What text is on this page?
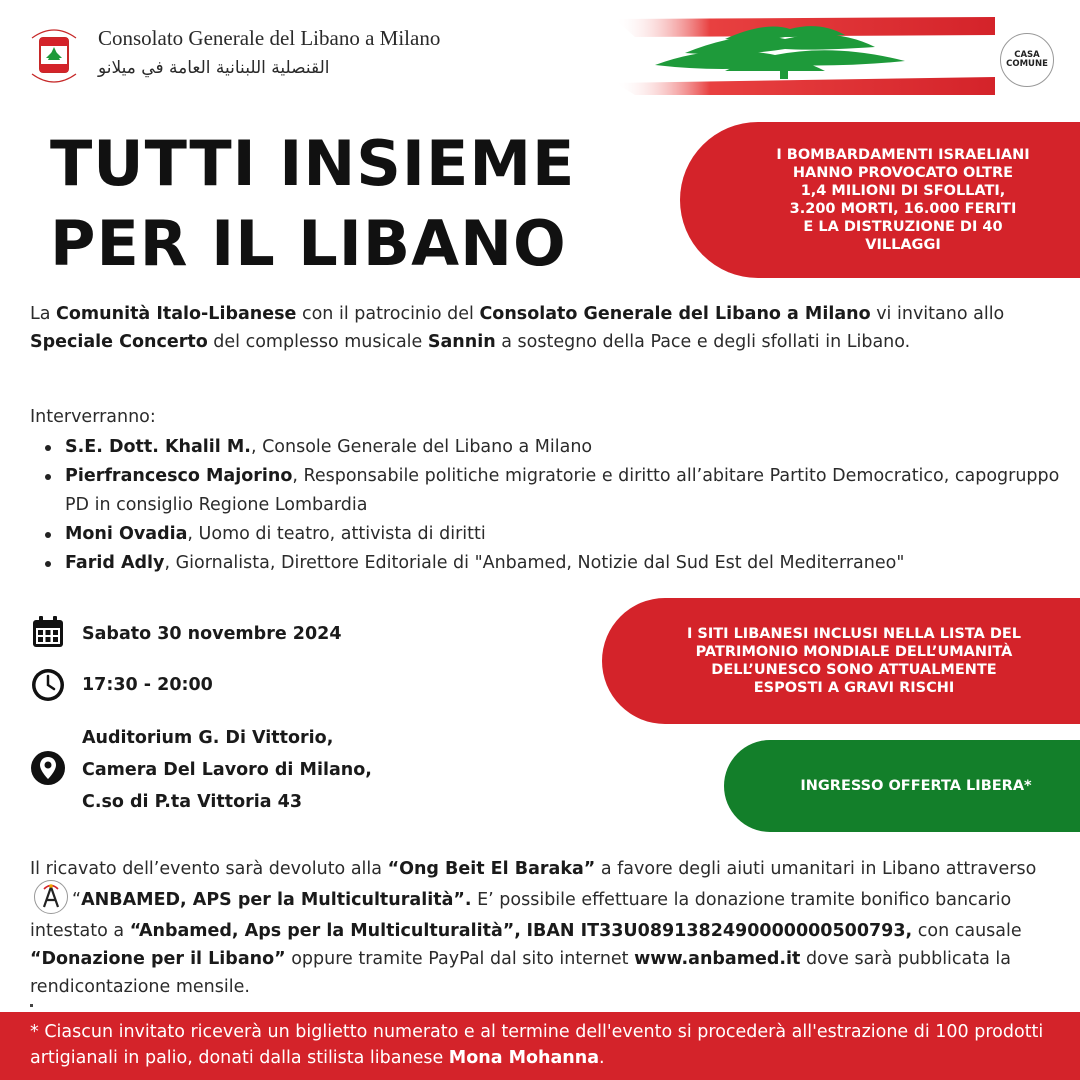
Consolato Generale del Libano a Milano
القنصلية اللبنانية العامة في ميلانو
CASA
COMUNE
TUTTI INSIEME
PER IL LIBANO
I BOMBARDAMENTI ISRAELIANI
HANNO PROVOCATO OLTRE
1,4 MILIONI DI SFOLLATI,
3.200 MORTI, 16.000 FERITI
E LA DISTRUZIONE DI 40
VILLAGGI
La Comunità Italo-Libanese con il patrocinio del Consolato Generale del Libano a Milano vi invitano allo Speciale Concerto del complesso musicale Sannin a sostegno della Pace e degli sfollati in Libano.
Interverranno:
S.E. Dott. Khalil M., Console Generale del Libano a Milano
Pierfrancesco Majorino, Responsabile politiche migratorie e diritto all’abitare Partito Democratico, capogruppo PD in consiglio Regione Lombardia
Moni Ovadia, Uomo di teatro, attivista di diritti
Farid Adly, Giornalista, Direttore Editoriale di "Anbamed, Notizie dal Sud Est del Mediterraneo"
Sabato 30 novembre 2024
17:30 - 20:00
Auditorium G. Di Vittorio,
Camera Del Lavoro di Milano,
C.so di P.ta Vittoria 43
I SITI LIBANESI INCLUSI NELLA LISTA DEL
PATRIMONIO MONDIALE DELL’UMANITÀ
DELL’UNESCO SONO ATTUALMENTE
ESPOSTI A GRAVI RISCHI
INGRESSO OFFERTA LIBERA*
Il ricavato dell’evento sarà devoluto alla “Ong Beit El Baraka” a favore degli aiuti umanitari in Libano attraverso “ANBAMED, APS per la Multiculturalità”. E’ possibile effettuare la donazione tramite bonifico bancario intestato a “Anbamed, Aps per la Multiculturalità”, IBAN IT33U0891382490000000500793, con causale “Donazione per il Libano” oppure tramite PayPal dal sito internet www.anbamed.it dove sarà pubblicata la rendicontazione mensile.
* Ciascun invitato riceverà un biglietto numerato e al termine dell'evento si procederà all'estrazione di 100 prodotti artigianali in palio, donati dalla stilista libanese Mona Mohanna.
